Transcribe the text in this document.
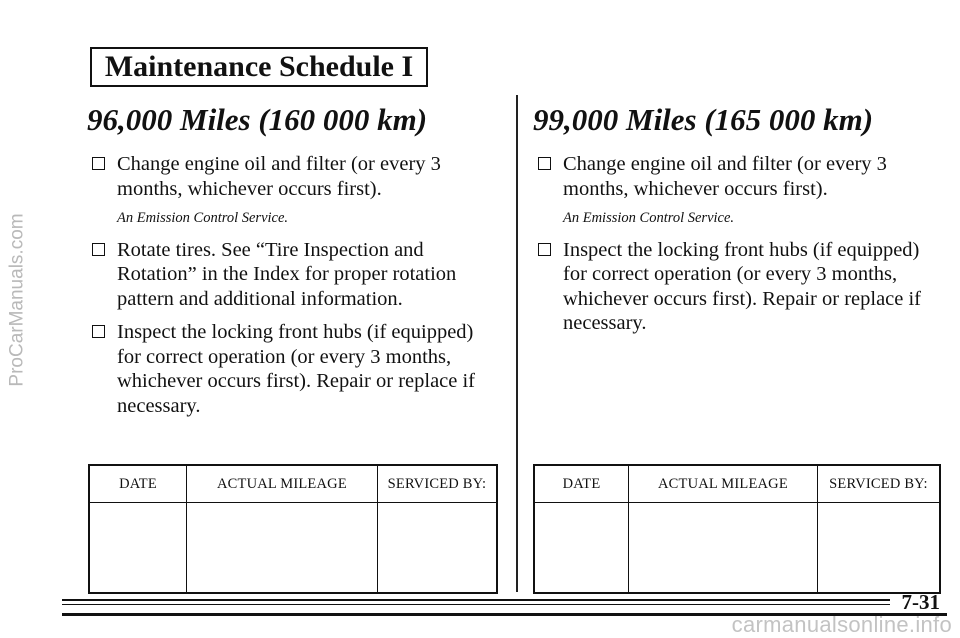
ProCarManuals.com
Maintenance Schedule I
96,000 Miles (160 000 km)
Change engine oil and filter (or every 3 months, whichever occurs first).
An Emission Control Service.
Rotate tires. See “Tire Inspection and Rotation” in the Index for proper rotation pattern and additional information.
Inspect the locking front hubs (if equipped) for correct operation (or every 3 months, whichever occurs first). Repair or replace if necessary.
99,000 Miles (165 000 km)
Change engine oil and filter (or every 3 months, whichever occurs first).
An Emission Control Service.
Inspect the locking front hubs (if equipped) for correct operation (or every 3 months, whichever occurs first). Repair or replace if necessary.
DATE	ACTUAL MILEAGE	SERVICED BY:
			DATE	ACTUAL MILEAGE	SERVICED BY:

7-31
carmanualsonline.info
